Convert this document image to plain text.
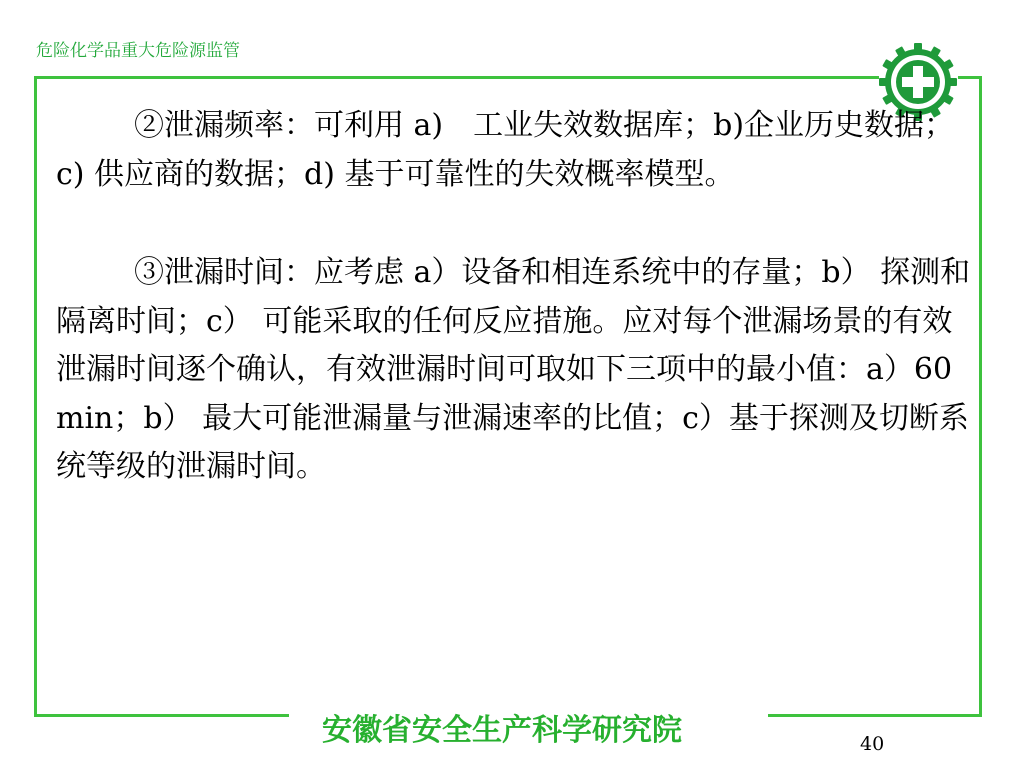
危险化学品重大危险源监管

②泄漏频率：可利用 a)　工业失效数据库；b)企业历史数据；c) 供应商的数据；d) 基于可靠性的失效概率模型。

③泄漏时间：应考虑 a）设备和相连系统中的存量；b） 探测和隔离时间；c） 可能采取的任何反应措施。应对每个泄漏场景的有效泄漏时间逐个确认，有效泄漏时间可取如下三项中的最小值：a）60 min；b） 最大可能泄漏量与泄漏速率的比值；c）基于探测及切断系统等级的泄漏时间。

安徽省安全生产科学研究院	40
